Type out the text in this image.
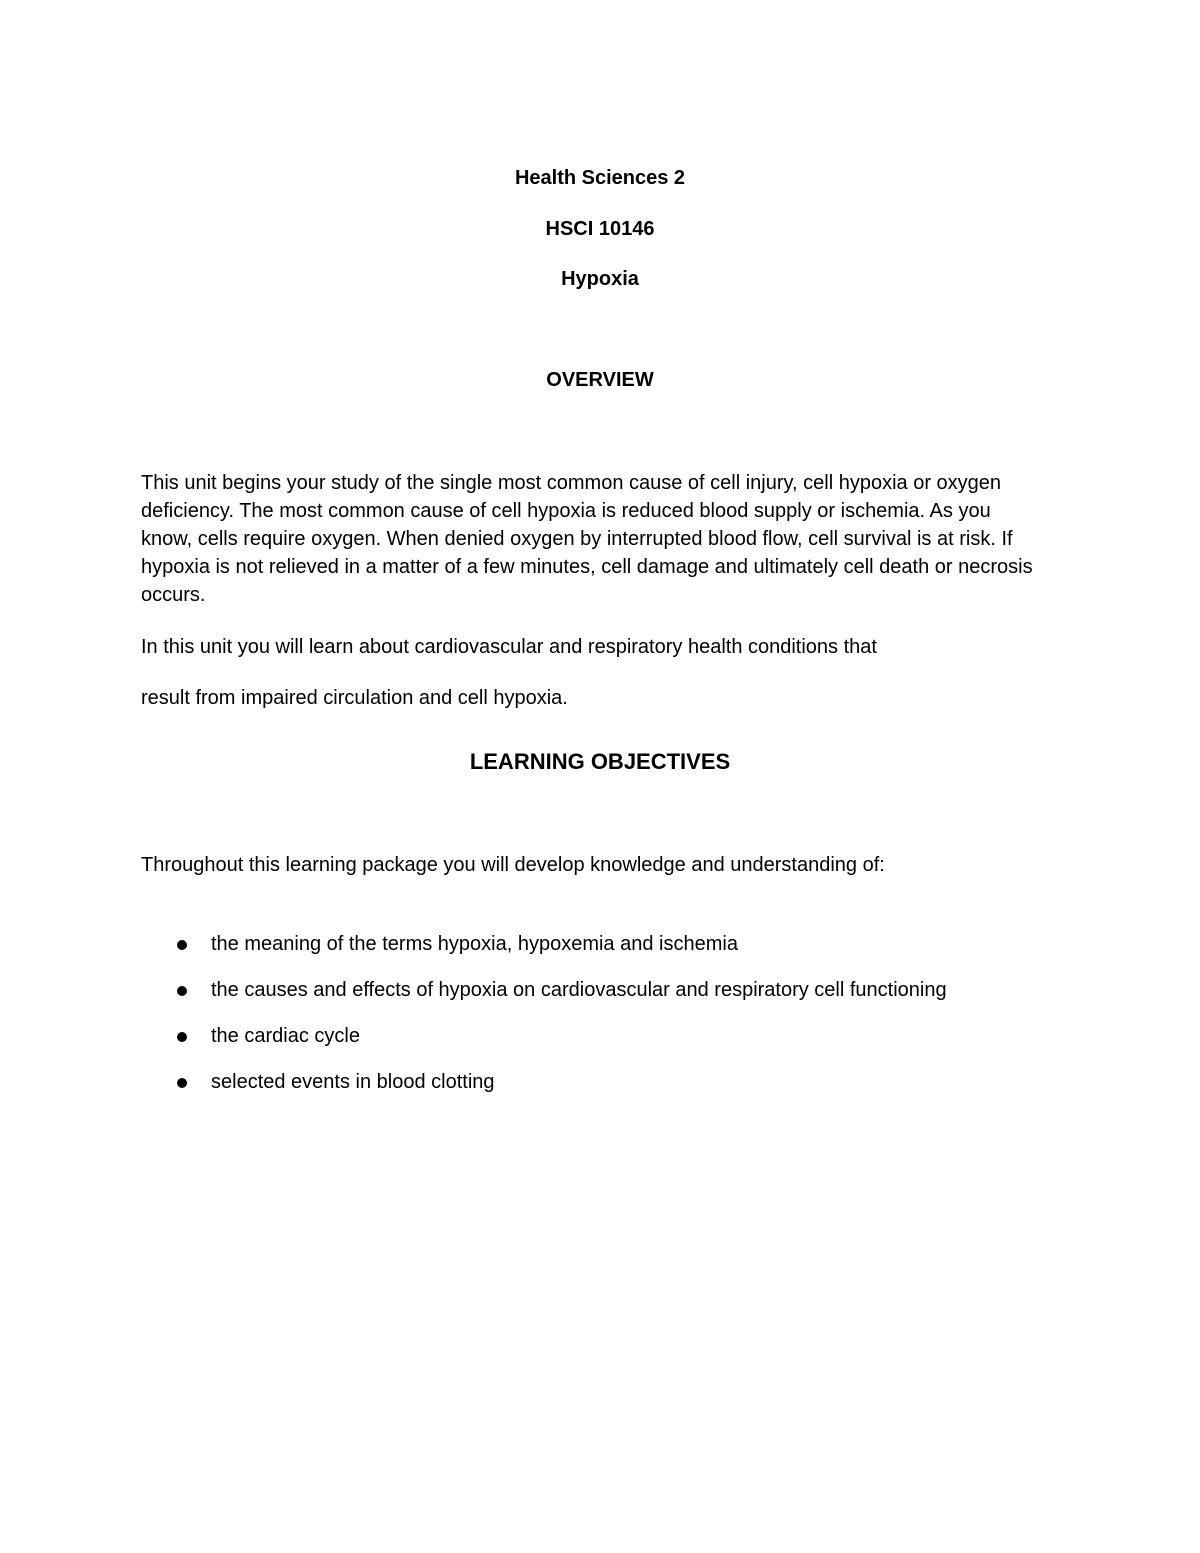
Health Sciences 2
HSCI 10146
Hypoxia
OVERVIEW

This unit begins your study of the single most common cause of cell injury, cell hypoxia or oxygen deficiency. The most common cause of cell hypoxia is reduced blood supply or ischemia. As you know, cells require oxygen. When denied oxygen by interrupted blood flow, cell survival is at risk. If hypoxia is not relieved in a matter of a few minutes, cell damage and ultimately cell death or necrosis occurs.

In this unit you will learn about cardiovascular and respiratory health conditions that

result from impaired circulation and cell hypoxia.

LEARNING OBJECTIVES

Throughout this learning package you will develop knowledge and understanding of:

the meaning of the terms hypoxia, hypoxemia and ischemia
the causes and effects of hypoxia on cardiovascular and respiratory cell functioning
the cardiac cycle
selected events in blood clotting
